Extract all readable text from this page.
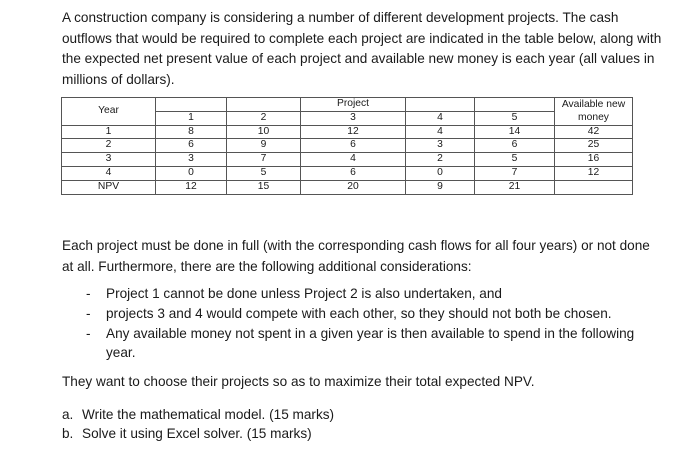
A construction company is considering a number of different development projects. The cash outflows that would be required to complete each project are indicated in the table below, along with the expected net present value of each project and available new money is each year (all values in millions of dollars).
Year			Project			Available new money
	1	2	3	4	5	
1	8	10	12	4	14	42
2	6	9	6	3	6	25
3	3	7	4	2	5	16
4	0	5	6	0	7	12
NPV	12	15	20	9	21	
Each project must be done in full (with the corresponding cash flows for all four years) or not done at all. Furthermore, there are the following additional considerations:
- Project 1 cannot be done unless Project 2 is also undertaken, and
- projects 3 and 4 would compete with each other, so they should not both be chosen.
- Any available money not spent in a given year is then available to spend in the following year.
They want to choose their projects so as to maximize their total expected NPV.
a. Write the mathematical model. (15 marks)
b. Solve it using Excel solver. (15 marks)
